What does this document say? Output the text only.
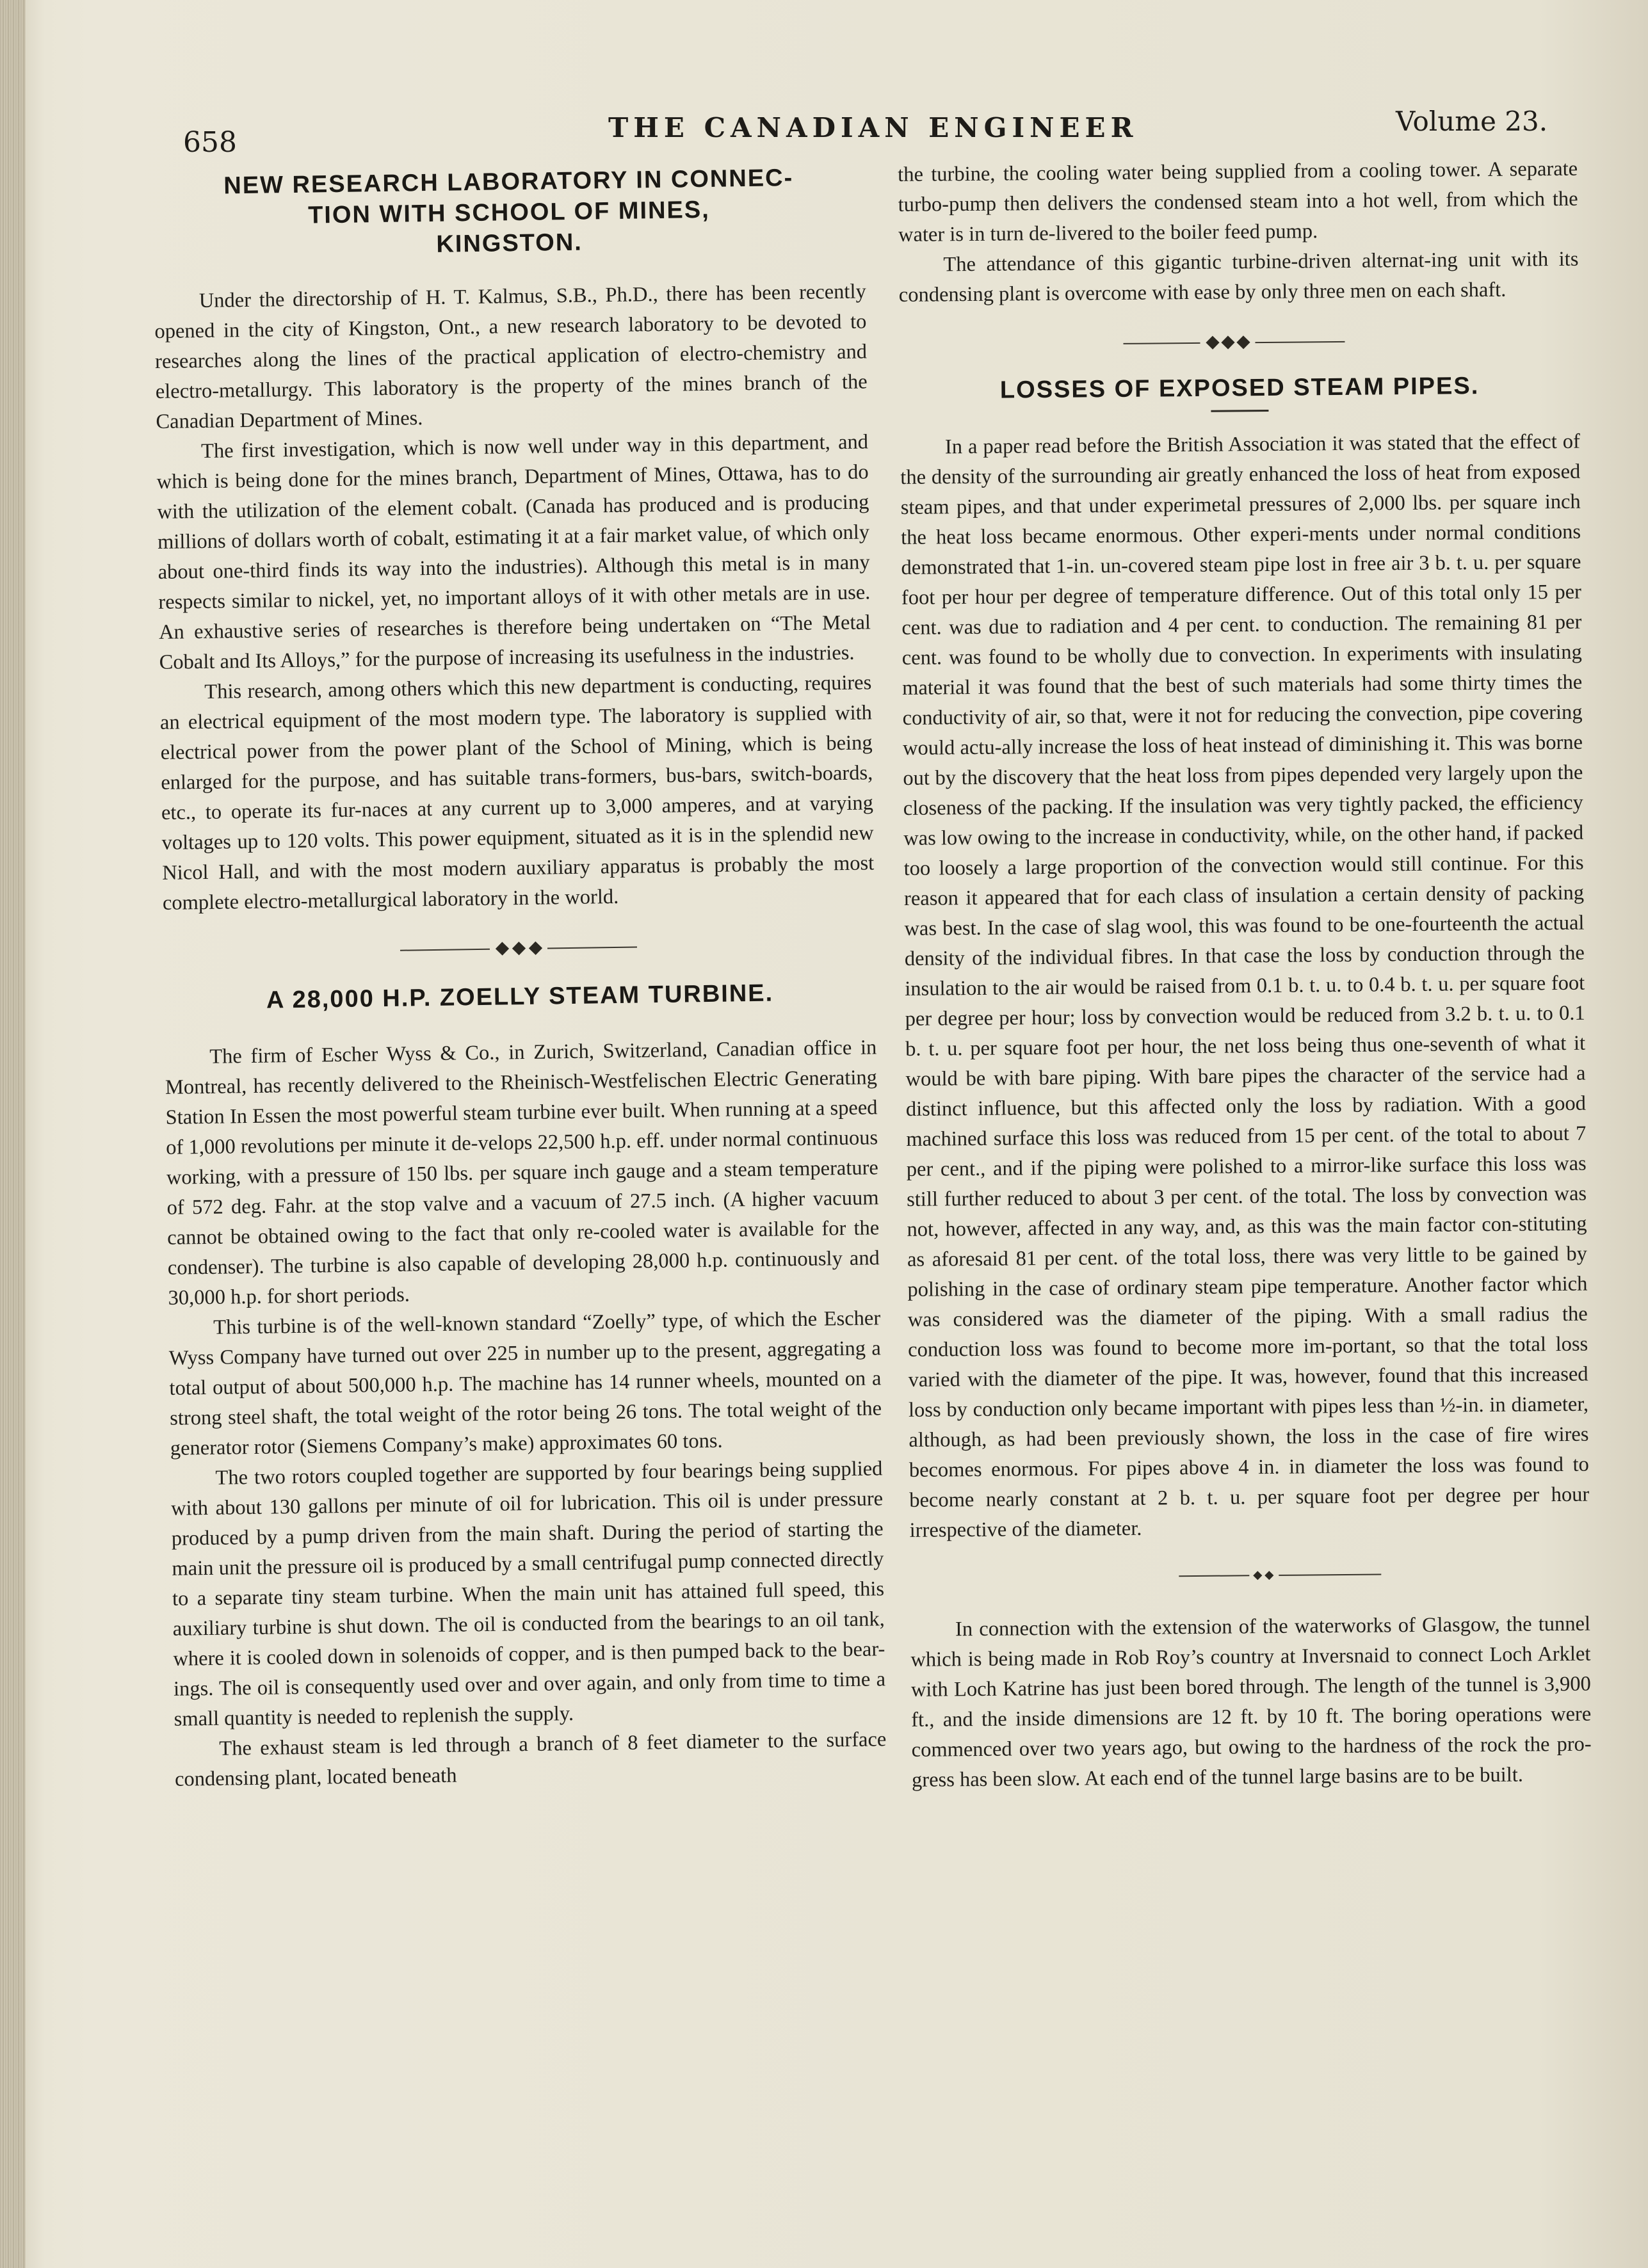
658	THE CANADIAN ENGINEER	Volume 23.
NEW RESEARCH LABORATORY IN CONNEC-
TION WITH SCHOOL OF MINES,
KINGSTON.

Under the directorship of H. T. Kalmus, S.B., Ph.D., there has been recently opened in the city of Kingston, Ont., a new research laboratory to be devoted to researches along the lines of the practical application of electro-chemistry and electro-metallurgy. This laboratory is the property of the mines branch of the Canadian Department of Mines.

The first investigation, which is now well under way in this department, and which is being done for the mines branch, Department of Mines, Ottawa, has to do with the utilization of the element cobalt. (Canada has produced and is producing millions of dollars worth of cobalt, estimating it at a fair market value, of which only about one-third finds its way into the industries). Although this metal is in many respects similar to nickel, yet, no important alloys of it with other metals are in use. An exhaustive series of researches is therefore being undertaken on “The Metal Cobalt and Its Alloys,” for the purpose of increasing its usefulness in the industries.

This research, among others which this new department is conducting, requires an electrical equipment of the most modern type. The laboratory is supplied with electrical power from the power plant of the School of Mining, which is being enlarged for the purpose, and has suitable trans-formers, bus-bars, switch-boards, etc., to operate its fur-naces at any current up to 3,000 amperes, and at varying voltages up to 120 volts. This power equipment, situated as it is in the splendid new Nicol Hall, and with the most modern auxiliary apparatus is probably the most complete electro-metallurgical laboratory in the world.

A 28,000 H.P. ZOELLY STEAM TURBINE.

The firm of Escher Wyss & Co., in Zurich, Switzerland, Canadian office in Montreal, has recently delivered to the Rheinisch-Westfelischen Electric Generating Station In Essen the most powerful steam turbine ever built. When running at a speed of 1,000 revolutions per minute it de-velops 22,500 h.p. eff. under normal continuous working, with a pressure of 150 lbs. per square inch gauge and a steam temperature of 572 deg. Fahr. at the stop valve and a vacuum of 27.5 inch. (A higher vacuum cannot be obtained owing to the fact that only re-cooled water is available for the condenser). The turbine is also capable of developing 28,000 h.p. continuously and 30,000 h.p. for short periods.

This turbine is of the well-known standard “Zoelly” type, of which the Escher Wyss Company have turned out over 225 in number up to the present, aggregating a total output of about 500,000 h.p. The machine has 14 runner wheels, mounted on a strong steel shaft, the total weight of the rotor being 26 tons. The total weight of the generator rotor (Siemens Company’s make) approximates 60 tons.

The two rotors coupled together are supported by four bearings being supplied with about 130 gallons per minute of oil for lubrication. This oil is under pressure produced by a pump driven from the main shaft. During the period of starting the main unit the pressure oil is produced by a small centrifugal pump connected directly to a separate tiny steam turbine. When the main unit has attained full speed, this auxiliary turbine is shut down. The oil is conducted from the bearings to an oil tank, where it is cooled down in solenoids of copper, and is then pumped back to the bear-ings. The oil is consequently used over and over again, and only from time to time a small quantity is needed to replenish the supply.

The exhaust steam is led through a branch of 8 feet diameter to the surface condensing plant, located beneath

the turbine, the cooling water being supplied from a cooling tower. A separate turbo-pump then delivers the condensed steam into a hot well, from which the water is in turn de-livered to the boiler feed pump.

The attendance of this gigantic turbine-driven alternat-ing unit with its condensing plant is overcome with ease by only three men on each shaft.

LOSSES OF EXPOSED STEAM PIPES.

In a paper read before the British Association it was stated that the effect of the density of the surrounding air greatly enhanced the loss of heat from exposed steam pipes, and that under experimetal pressures of 2,000 lbs. per square inch the heat loss became enormous. Other experi-ments under normal conditions demonstrated that 1-in. un-covered steam pipe lost in free air 3 b. t. u. per square foot per hour per degree of temperature difference. Out of this total only 15 per cent. was due to radiation and 4 per cent. to conduction. The remaining 81 per cent. was found to be wholly due to convection. In experiments with insulating material it was found that the best of such materials had some thirty times the conductivity of air, so that, were it not for reducing the convection, pipe covering would actu-ally increase the loss of heat instead of diminishing it. This was borne out by the discovery that the heat loss from pipes depended very largely upon the closeness of the packing. If the insulation was very tightly packed, the efficiency was low owing to the increase in conductivity, while, on the other hand, if packed too loosely a large proportion of the convection would still continue. For this reason it appeared that for each class of insulation a certain density of packing was best. In the case of slag wool, this was found to be one-fourteenth the actual density of the individual fibres. In that case the loss by conduction through the insulation to the air would be raised from 0.1 b. t. u. to 0.4 b. t. u. per square foot per degree per hour; loss by convection would be reduced from 3.2 b. t. u. to 0.1 b. t. u. per square foot per hour, the net loss being thus one-seventh of what it would be with bare piping. With bare pipes the character of the service had a distinct influence, but this affected only the loss by radiation. With a good machined surface this loss was reduced from 15 per cent. of the total to about 7 per cent., and if the piping were polished to a mirror-like surface this loss was still further reduced to about 3 per cent. of the total. The loss by convection was not, however, affected in any way, and, as this was the main factor con-stituting as aforesaid 81 per cent. of the total loss, there was very little to be gained by polishing in the case of ordinary steam pipe temperature. Another factor which was considered was the diameter of the piping. With a small radius the conduction loss was found to become more im-portant, so that the total loss varied with the diameter of the pipe. It was, however, found that this increased loss by conduction only became important with pipes less than ½-in. in diameter, although, as had been previously shown, the loss in the case of fire wires becomes enormous. For pipes above 4 in. in diameter the loss was found to become nearly constant at 2 b. t. u. per square foot per degree per hour irrespective of the diameter.

In connection with the extension of the waterworks of Glasgow, the tunnel which is being made in Rob Roy’s country at Inversnaid to connect Loch Arklet with Loch Katrine has just been bored through. The length of the tunnel is 3,900 ft., and the inside dimensions are 12 ft. by 10 ft. The boring operations were commenced over two years ago, but owing to the hardness of the rock the pro-gress has been slow. At each end of the tunnel large basins are to be built.
